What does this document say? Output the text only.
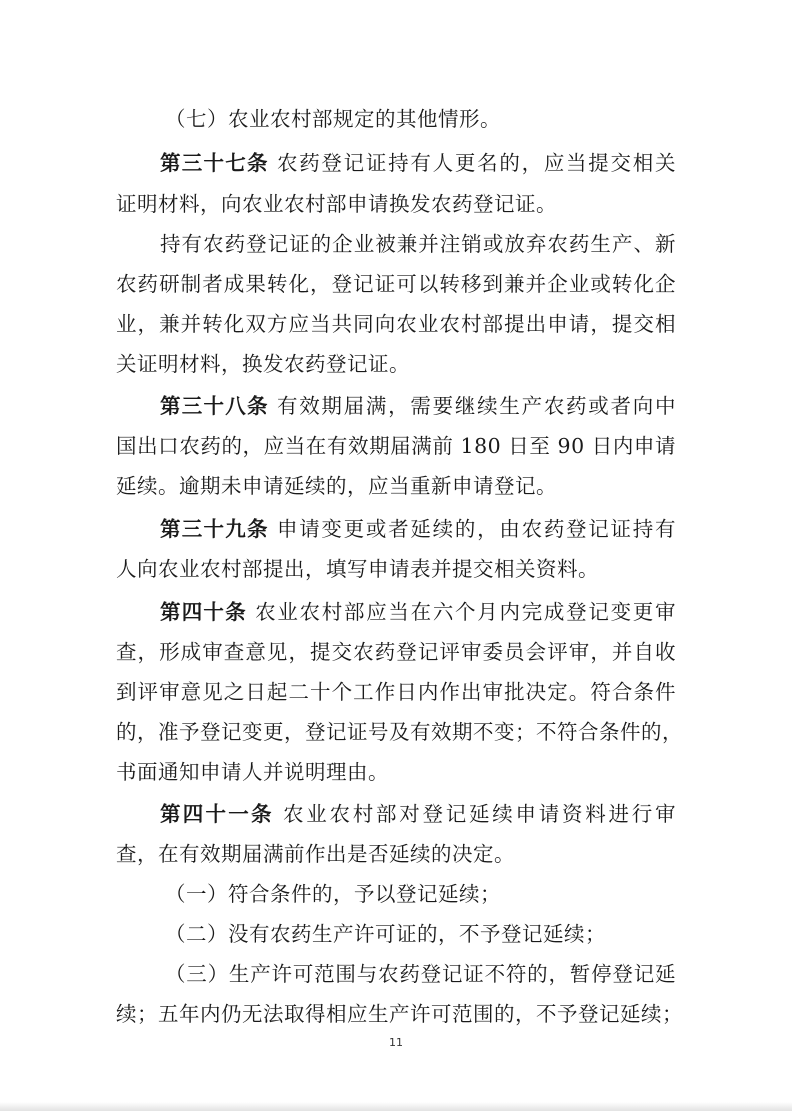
（七）农业农村部规定的其他情形。
第三十七条 农药登记证持有人更名的，应当提交相关
证明材料，向农业农村部申请换发农药登记证。
持有农药登记证的企业被兼并注销或放弃农药生产、新
农药研制者成果转化，登记证可以转移到兼并企业或转化企
业，兼并转化双方应当共同向农业农村部提出申请，提交相
关证明材料，换发农药登记证。
第三十八条 有效期届满，需要继续生产农药或者向中
国出口农药的，应当在有效期届满前 180 日至 90 日内申请
延续。逾期未申请延续的，应当重新申请登记。
第三十九条 申请变更或者延续的，由农药登记证持有
人向农业农村部提出，填写申请表并提交相关资料。
第四十条 农业农村部应当在六个月内完成登记变更审
查，形成审查意见，提交农药登记评审委员会评审，并自收
到评审意见之日起二十个工作日内作出审批决定。符合条件
的，准予登记变更，登记证号及有效期不变；不符合条件的，
书面通知申请人并说明理由。
第四十一条 农业农村部对登记延续申请资料进行审
查，在有效期届满前作出是否延续的决定。
（一）符合条件的，予以登记延续；
（二）没有农药生产许可证的，不予登记延续；
（三）生产许可范围与农药登记证不符的，暂停登记延
续；五年内仍无法取得相应生产许可范围的，不予登记延续；
11
